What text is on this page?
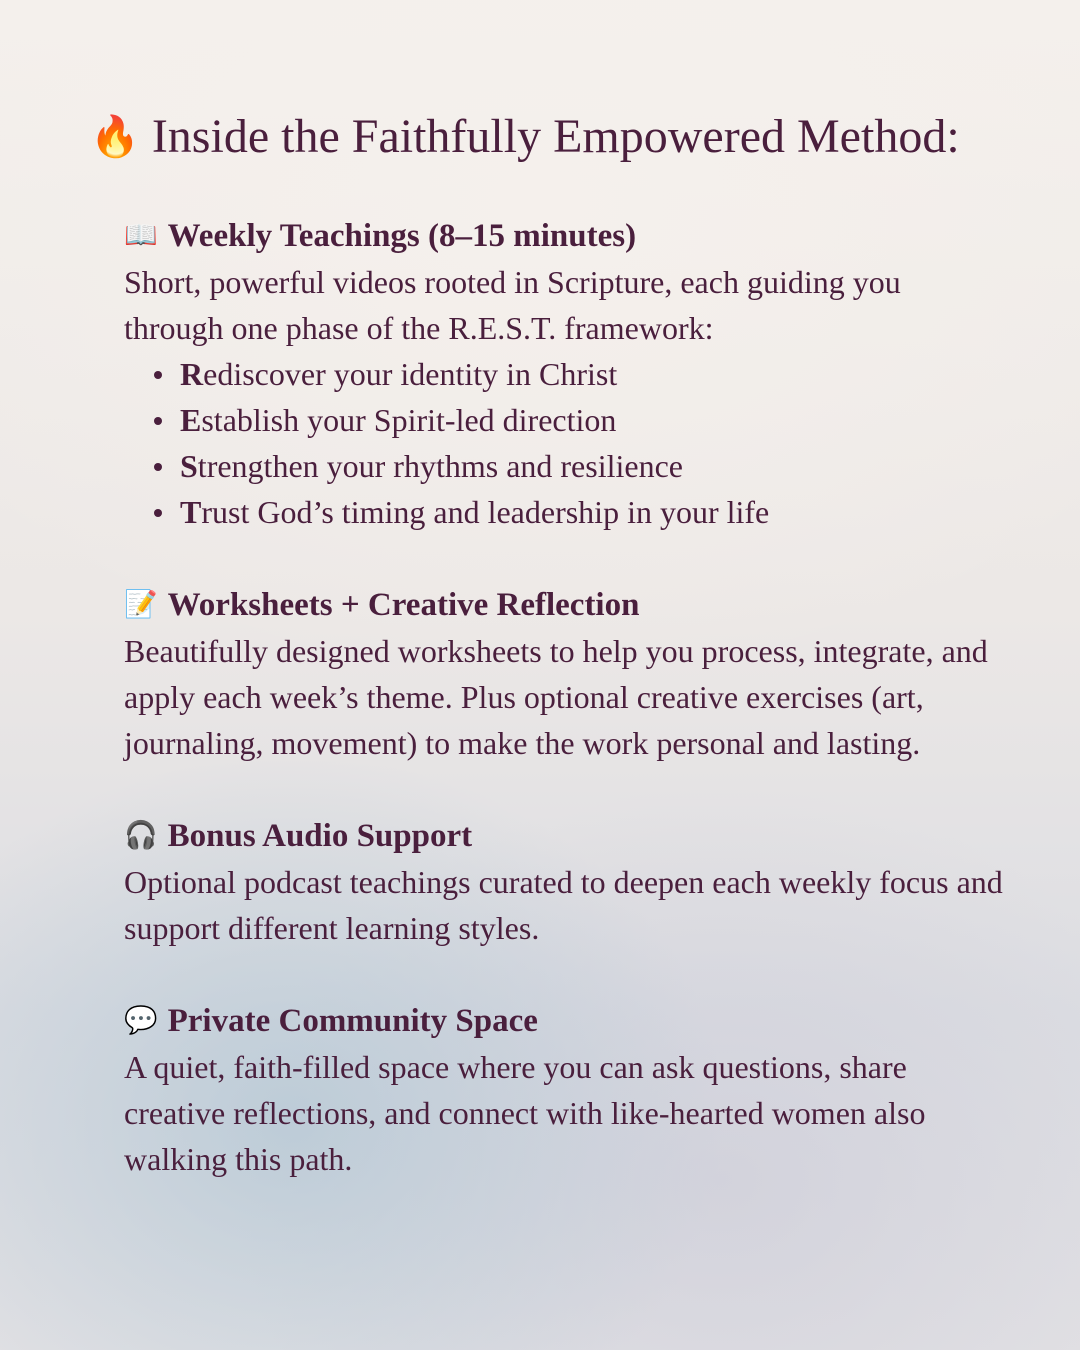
🔥 Inside the Faithfully Empowered Method:
📖 Weekly Teachings (8–15 minutes)

Short, powerful videos rooted in Scripture, each guiding you through one phase of the R.E.S.T. framework:

Rediscover your identity in Christ
Establish your Spirit-led direction
Strengthen your rhythms and resilience
Trust God’s timing and leadership in your life
📝 Worksheets + Creative Reflection

Beautifully designed worksheets to help you process, integrate, and apply each week’s theme. Plus optional creative exercises (art, journaling, movement) to make the work personal and lasting.

🎧 Bonus Audio Support

Optional podcast teachings curated to deepen each weekly focus and support different learning styles.

💬 Private Community Space

A quiet, faith-filled space where you can ask questions, share creative reflections, and connect with like-hearted women also walking this path.
